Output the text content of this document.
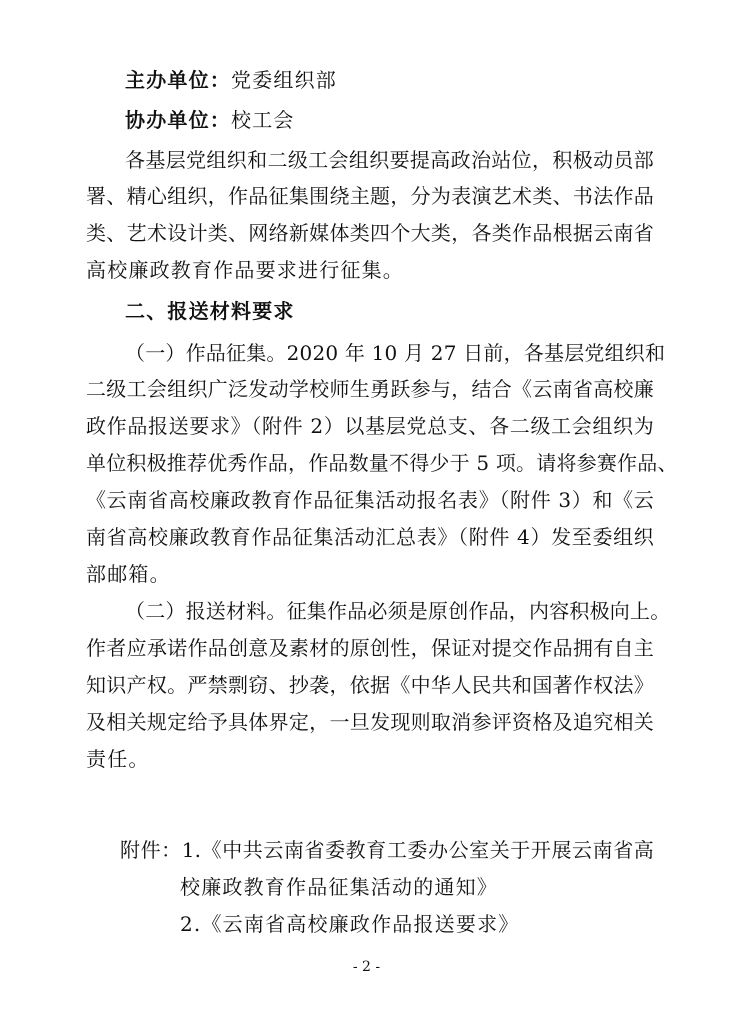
主办单位：党委组织部
协办单位：校工会
各基层党组织和二级工会组织要提高政治站位，积极动员部
署、精心组织，作品征集围绕主题，分为表演艺术类、书法作品
类、艺术设计类、网络新媒体类四个大类，各类作品根据云南省
高校廉政教育作品要求进行征集。
二、报送材料要求
（一）作品征集。2020 年 10 月 27 日前，各基层党组织和
二级工会组织广泛发动学校师生勇跃参与，结合《云南省高校廉
政作品报送要求》（附件 2）以基层党总支、各二级工会组织为
单位积极推荐优秀作品，作品数量不得少于 5 项。请将参赛作品、
《云南省高校廉政教育作品征集活动报名表》（附件 3）和《云
南省高校廉政教育作品征集活动汇总表》（附件 4）发至委组织
部邮箱。
（二）报送材料。征集作品必须是原创作品，内容积极向上。
作者应承诺作品创意及素材的原创性，保证对提交作品拥有自主
知识产权。严禁剽窃、抄袭，依据《中华人民共和国著作权法》
及相关规定给予具体界定，一旦发现则取消参评资格及追究相关
责任。
附件：1.《中共云南省委教育工委办公室关于开展云南省高
校廉政教育作品征集活动的通知》
2.《云南省高校廉政作品报送要求》
- 2 -
